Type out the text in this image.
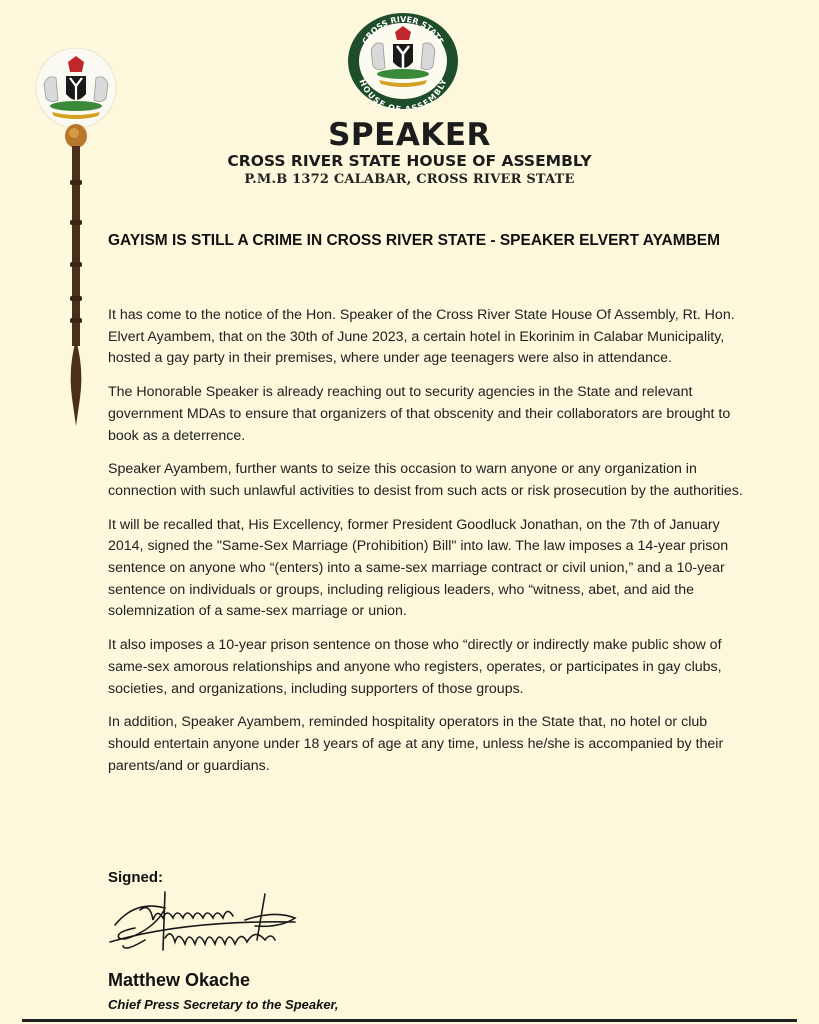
CROSS RIVER STATE
HOUSE OF ASSEMBLY
SPEAKER
CROSS RIVER STATE HOUSE OF ASSEMBLY
P.M.B 1372 CALABAR, CROSS RIVER STATE
GAYISM IS STILL A CRIME IN CROSS RIVER STATE - SPEAKER ELVERT AYAMBEM

It has come to the notice of the Hon. Speaker of the Cross River State House Of Assembly, Rt. Hon. Elvert Ayambem, that on the 30th of June 2023, a certain hotel in Ekorinim in Calabar Municipality, hosted a gay party in their premises, where under age teenagers were also in attendance.

The Honorable Speaker is already reaching out to security agencies in the State and relevant government MDAs to ensure that organizers of that obscenity and their collaborators are brought to book as a deterrence.

Speaker Ayambem, further wants to seize this occasion to warn anyone or any organization in connection with such unlawful activities to desist from such acts or risk prosecution by the authorities.

It will be recalled that, His Excellency, former President Goodluck Jonathan, on the 7th of January 2014, signed the "Same-Sex Marriage (Prohibition) Bill" into law. The law imposes a 14-year prison sentence on anyone who “(enters) into a same-sex marriage contract or civil union,” and a 10-year sentence on individuals or groups, including religious leaders, who “witness, abet, and aid the solemnization of a same-sex marriage or union.

It also imposes a 10-year prison sentence on those who “directly or indirectly make public show of same-sex amorous relationships and anyone who registers, operates, or participates in gay clubs, societies, and organizations, including supporters of those groups.

In addition, Speaker Ayambem, reminded hospitality operators in the State that, no hotel or club should entertain anyone under 18 years of age at any time, unless he/she is accompanied by their parents/and or guardians.

Signed:
Matthew Okache
Chief Press Secretary to the Speaker,
